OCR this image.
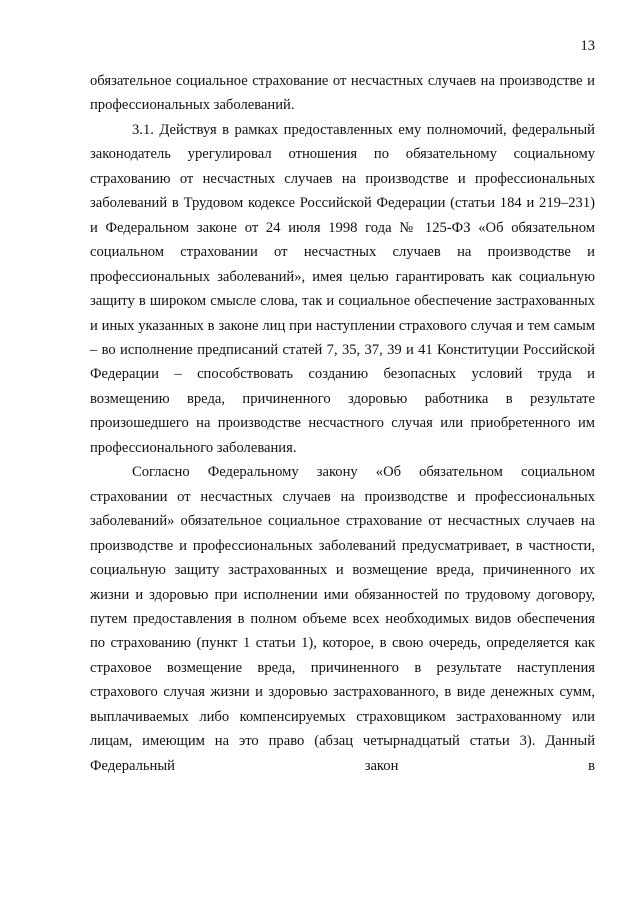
13

обязательное социальное страхование от несчастных случаев на производстве и профессиональных заболеваний.

3.1. Действуя в рамках предоставленных ему полномочий, федеральный законодатель урегулировал отношения по обязательному социальному страхованию от несчастных случаев на производстве и профессиональных заболеваний в Трудовом кодексе Российской Федерации (статьи 184 и 219–231) и Федеральном законе от 24 июля 1998 года № 125-ФЗ «Об обязательном социальном страховании от несчастных случаев на производстве и профессиональных заболеваний», имея целью гарантировать как социальную защиту в широком смысле слова, так и социальное обеспечение застрахованных и иных указанных в законе лиц при наступлении страхового случая и тем самым – во исполнение предписаний статей 7, 35, 37, 39 и 41 Конституции Российской Федерации – способствовать созданию безопасных условий труда и возмещению вреда, причиненного здоровью работника в результате произошедшего на производстве несчастного случая или приобретенного им профессионального заболевания.

Согласно Федеральному закону «Об обязательном социальном страховании от несчастных случаев на производстве и профессиональных заболеваний» обязательное социальное страхование от несчастных случаев на производстве и профессиональных заболеваний предусматривает, в частности, социальную защиту застрахованных и возмещение вреда, причиненного их жизни и здоровью при исполнении ими обязанностей по трудовому договору, путем предоставления в полном объеме всех необходимых видов обеспечения по страхованию (пункт 1 статьи 1), которое, в свою очередь, определяется как страховое возмещение вреда, причиненного в результате наступления страхового случая жизни и здоровью застрахованного, в виде денежных сумм, выплачиваемых либо компенсируемых страховщиком застрахованному или лицам, имеющим на это право (абзац четырнадцатый статьи 3). Данный Федеральный закон в
